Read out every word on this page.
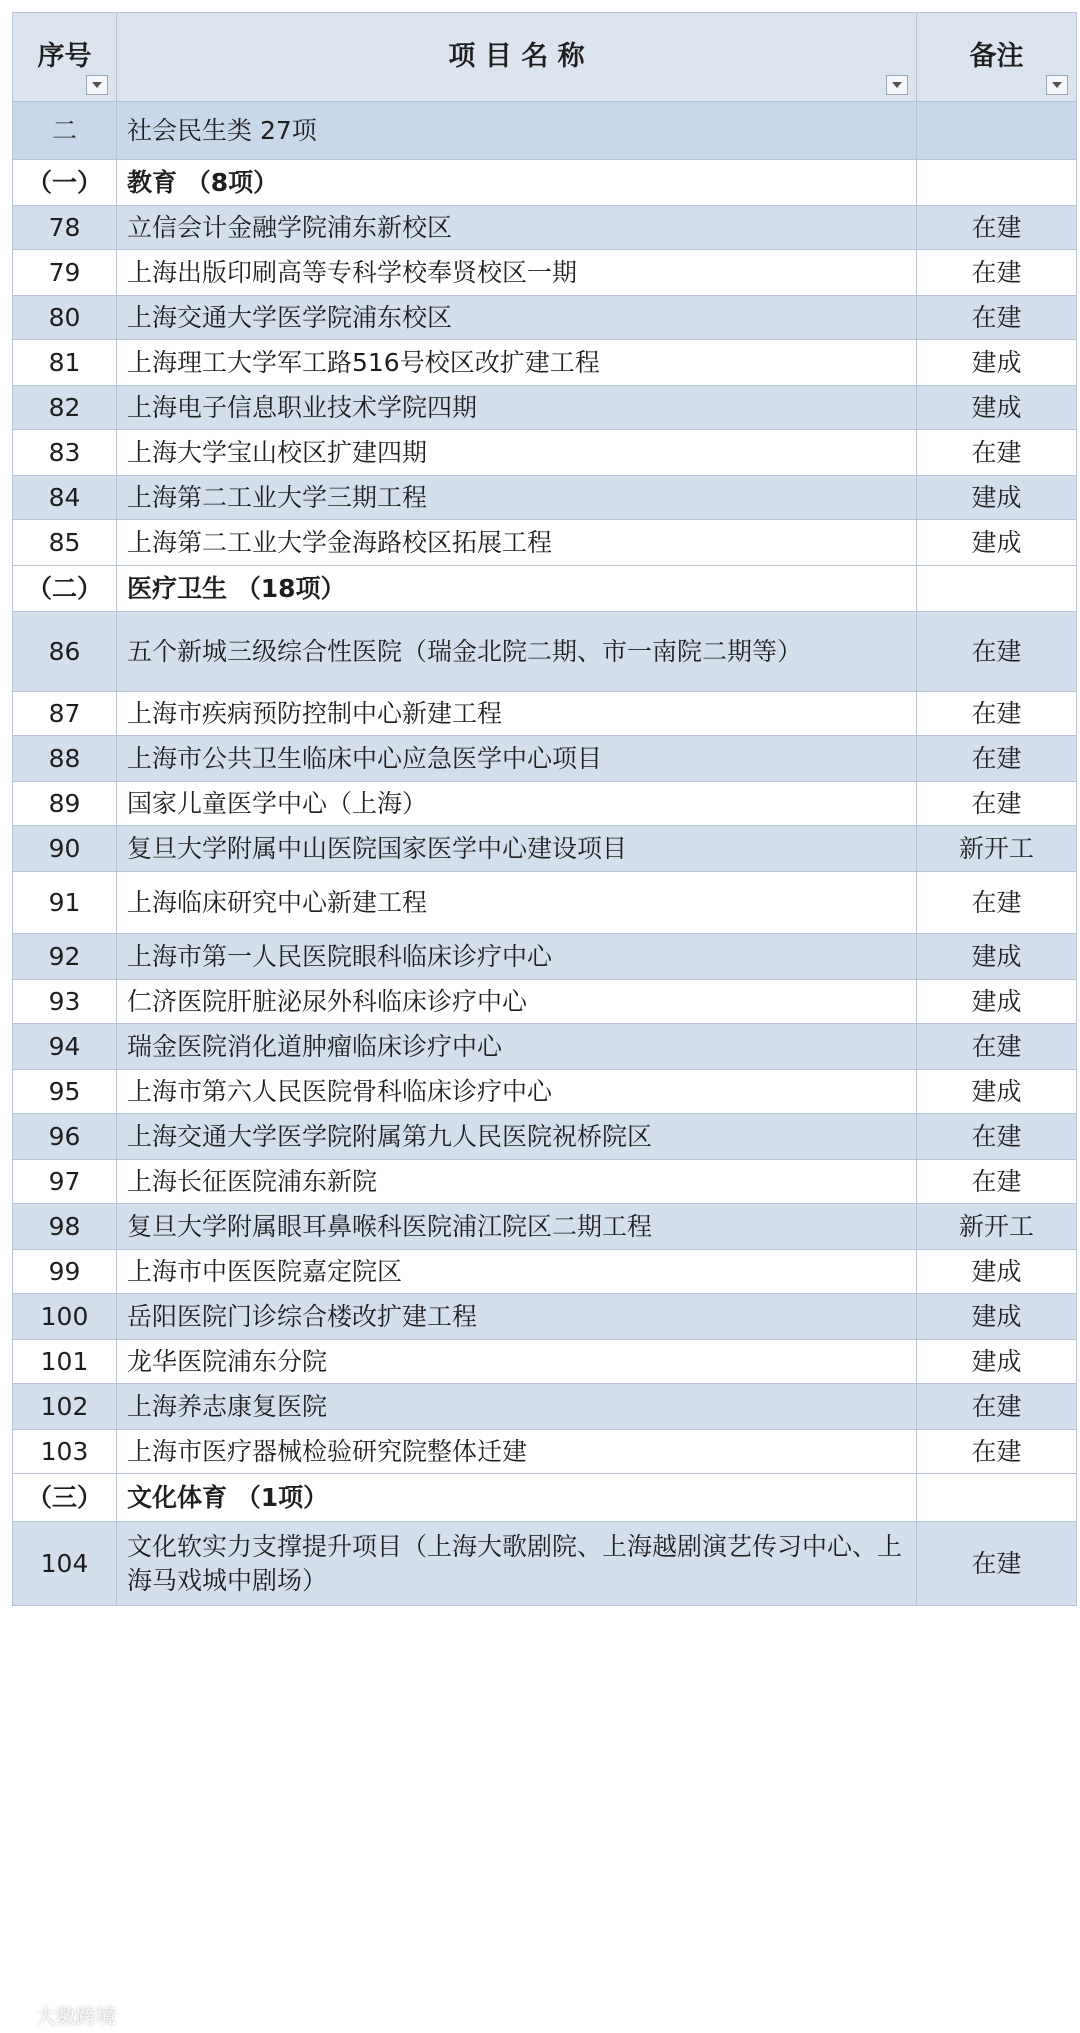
序号	项 目 名 称	备注

二	社会民生类 27项	
（一）	教育 （8项）	
78	立信会计金融学院浦东新校区	在建
79	上海出版印刷高等专科学校奉贤校区一期	在建
80	上海交通大学医学院浦东校区	在建
81	上海理工大学军工路516号校区改扩建工程	建成
82	上海电子信息职业技术学院四期	建成
83	上海大学宝山校区扩建四期	在建
84	上海第二工业大学三期工程	建成
85	上海第二工业大学金海路校区拓展工程	建成
（二）	医疗卫生 （18项）	
86	五个新城三级综合性医院（瑞金北院二期、市一南院二期等）	在建
87	上海市疾病预防控制中心新建工程	在建
88	上海市公共卫生临床中心应急医学中心项目	在建
89	国家儿童医学中心（上海）	在建
90	复旦大学附属中山医院国家医学中心建设项目	新开工
91	上海临床研究中心新建工程	在建
92	上海市第一人民医院眼科临床诊疗中心	建成
93	仁济医院肝脏泌尿外科临床诊疗中心	建成
94	瑞金医院消化道肿瘤临床诊疗中心	在建
95	上海市第六人民医院骨科临床诊疗中心	建成
96	上海交通大学医学院附属第九人民医院祝桥院区	在建
97	上海长征医院浦东新院	在建
98	复旦大学附属眼耳鼻喉科医院浦江院区二期工程	新开工
99	上海市中医医院嘉定院区	建成
100	岳阳医院门诊综合楼改扩建工程	建成
101	龙华医院浦东分院	建成
102	上海养志康复医院	在建
103	上海市医疗器械检验研究院整体迁建	在建
（三）	文化体育 （1项）	
104	文化软实力支撑提升项目（上海大歌剧院、上海越剧演艺传习中心、上海马戏城中剧场）	在建
大数跨境
